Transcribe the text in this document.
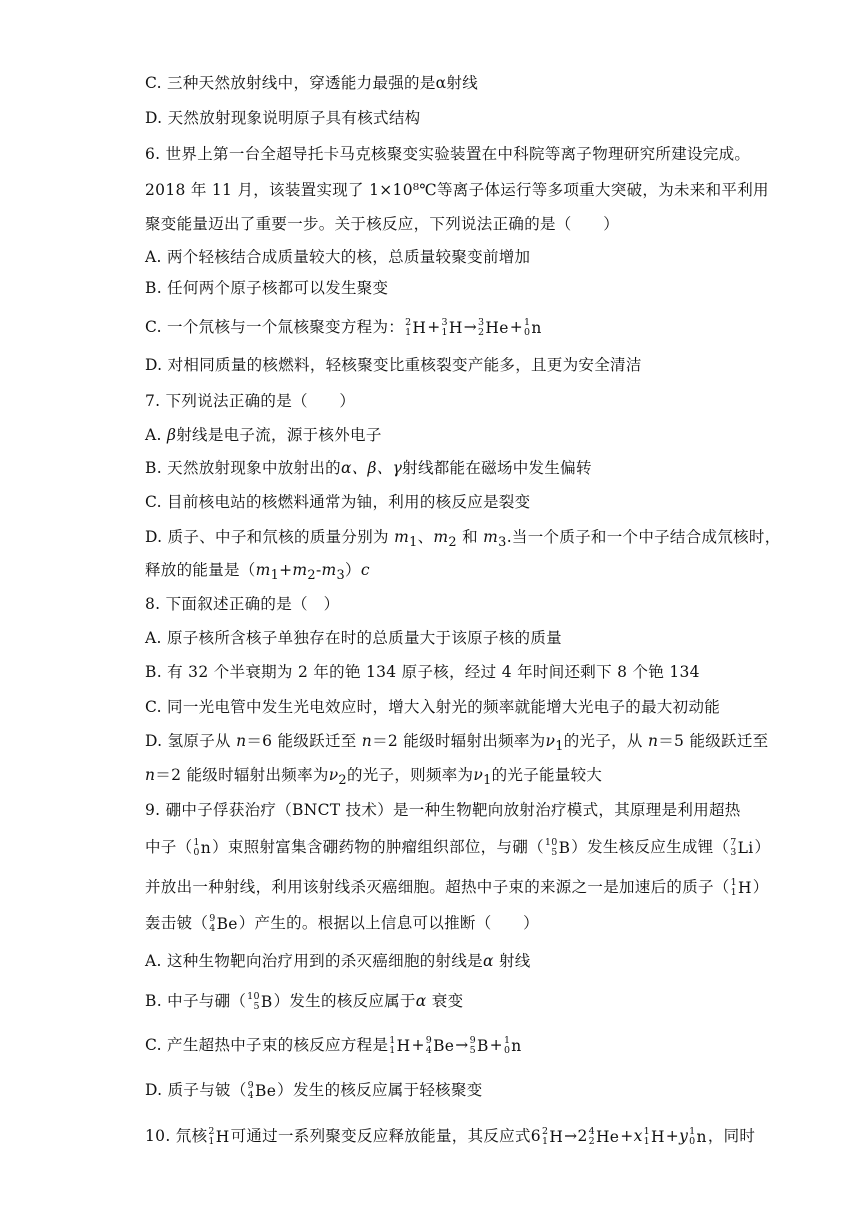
C. 三种天然放射线中，穿透能力最强的是α射线
D. 天然放射现象说明原子具有核式结构
6. 世界上第一台全超导托卡马克核聚变实验装置在中科院等离子物理研究所建设完成。
2018 年 11 月，该装置实现了 1×10⁸℃等离子体运行等多项重大突破，为未来和平利用
聚变能量迈出了重要一步。关于核反应，下列说法正确的是（　　）
A. 两个轻核结合成质量较大的核，总质量较聚变前增加
B. 任何两个原子核都可以发生聚变
C. 一个氘核与一个氚核聚变方程为： 2
1 H+ 3
1 H→ 3
2 He+ 1
0 n
D. 对相同质量的核燃料，轻核聚变比重核裂变产能多，且更为安全清洁
7. 下列说法正确的是（　　）
A. β射线是电子流，源于核外电子
B. 天然放射现象中放射出的α、β、γ射线都能在磁场中发生偏转
C. 目前核电站的核燃料通常为铀，利用的核反应是裂变
D. 质子、中子和氘核的质量分别为 $m_1$、$m_2$ 和 $m_3$.当一个质子和一个中子结合成氘核时，
释放的能量是$(m_1+m_2-m_3)c$
8. 下面叙述正确的是（　）
A. 原子核所含核子单独存在时的总质量大于该原子核的质量
B. 有 32 个半衰期为 2 年的铯 134 原子核，经过 4 年时间还剩下 8 个铯 134
C. 同一光电管中发生光电效应时，增大入射光的频率就能增大光电子的最大初动能
D. 氢原子从 n＝6 能级跃迁至 n＝2 能级时辐射出频率为$\nu_1$的光子，从 n＝5 能级跃迁至
n＝2 能级时辐射出频率为$\nu_2$的光子，则频率为$\nu_1$的光子能量较大
9. 硼中子俘获治疗（BNCT 技术）是一种生物靶向放射治疗模式，其原理是利用超热
中子（ 1
0 n）束照射富集含硼药物的肿瘤组织部位，与硼（ 10
5 B）发生核反应生成锂（ 7
3 Li）
并放出一种射线，利用该射线杀灭癌细胞。超热中子束的来源之一是加速后的质子（ 1
1 H）
轰击铍（ 9
4 Be）产生的。根据以上信息可以推断（　　）
A. 这种生物靶向治疗用到的杀灭癌细胞的射线是α 射线
B. 中子与硼（ 10
5 B）发生的核反应属于α 衰变
C. 产生超热中子束的核反应方程是 1
1 H+ 9
4 Be→ 9
5 B+ 1
0 n
D. 质子与铍（ 9
4 Be）发生的核反应属于轻核聚变
10. 氘核 2
1 H可通过一系列聚变反应释放能量，其反应式6 2
1 H→2 4
2 He+x 1
1 H+y 1
0 n，同时
